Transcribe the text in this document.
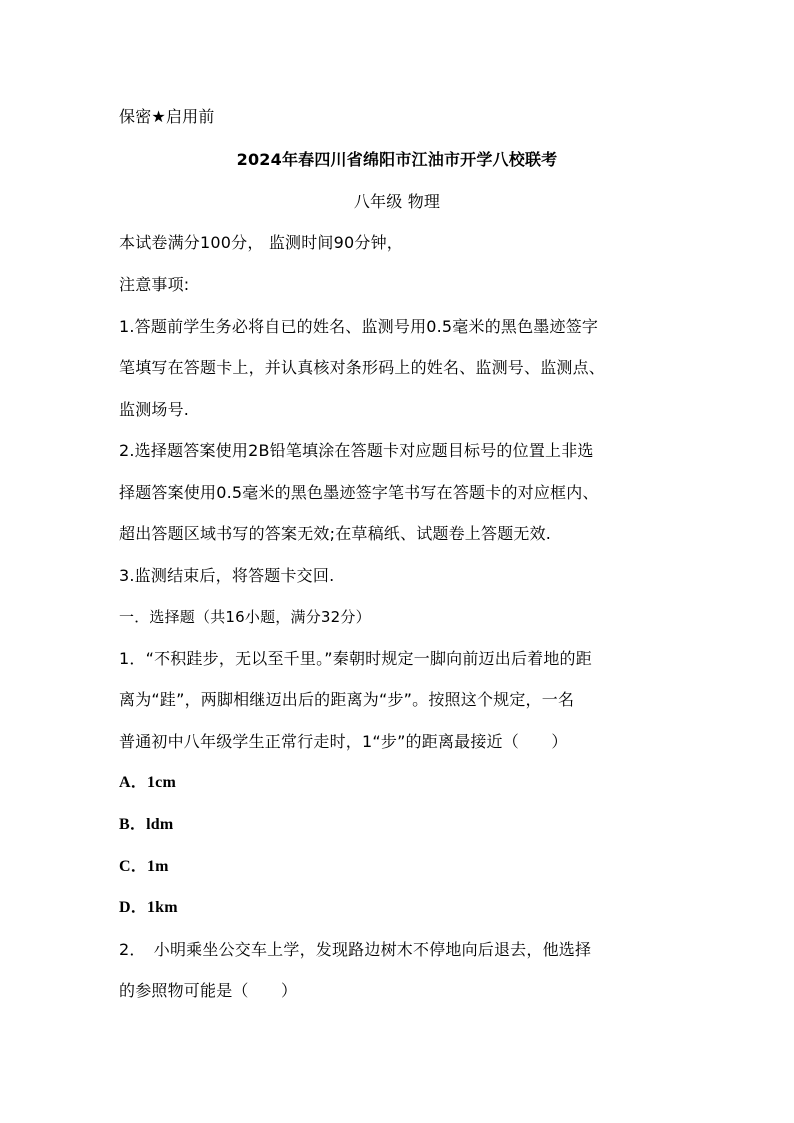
保密★启用前
2024年春四川省绵阳市江油市开学八校联考
八年级 物理
本试卷满分100分， 监测时间90分钟，
注意事项:
1.答题前学生务必将自已的姓名、监测号用0.5毫米的黑色墨迹签字
笔填写在答题卡上，并认真核对条形码上的姓名、监测号、监测点、
监测场号.
2.选择题答案使用2B铅笔填涂在答题卡对应题目标号的位置上非选
择题答案使用0.5毫米的黑色墨迹签字笔书写在答题卡的对应框内、
超出答题区域书写的答案无效;在草稿纸、试题卷上答题无效.
3.监测结束后，将答题卡交回.
一．选择题（共16小题，满分32分）
1．“不积跬步，无以至千里。”秦朝时规定一脚向前迈出后着地的距
离为“跬”，两脚相继迈出后的距离为“步”。按照这个规定，一名
普通初中八年级学生正常行走时，1“步”的距离最接近（　　）
A．1cm
B．ldm
C．1m
D．1km
2．　小明乘坐公交车上学，发现路边树木不停地向后退去，他选择
的参照物可能是（　　）
